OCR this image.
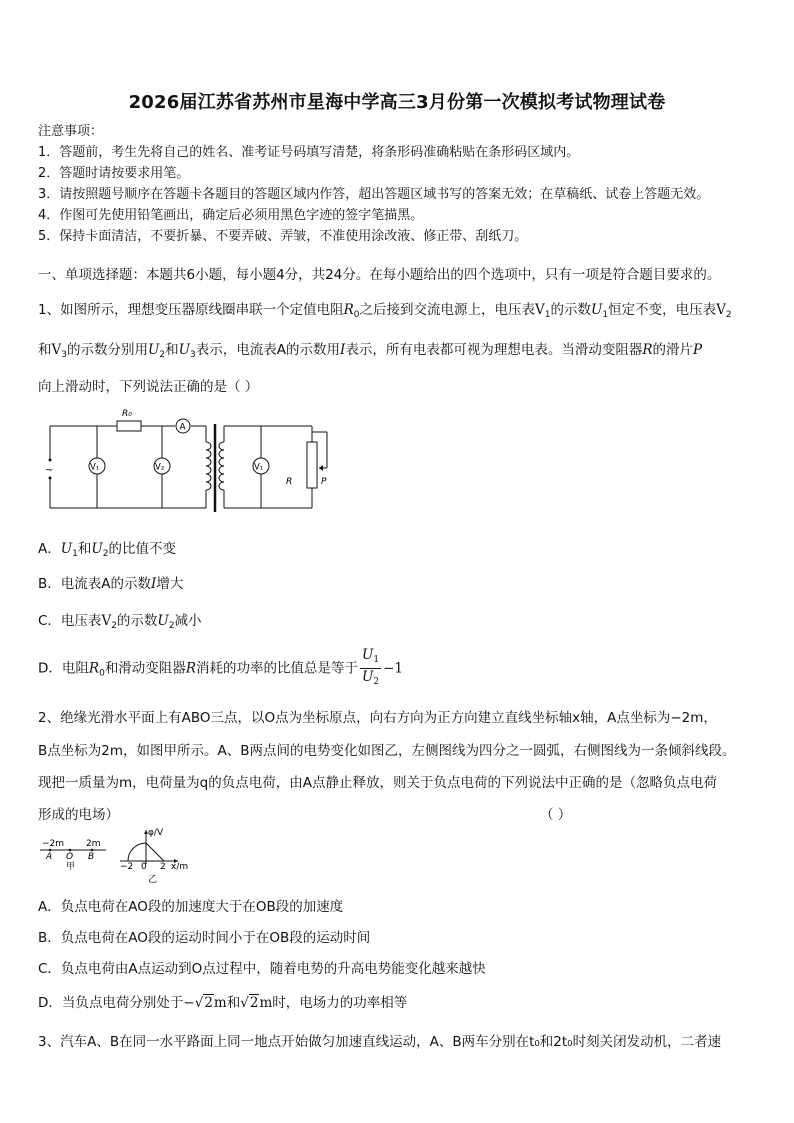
2026届江苏省苏州市星海中学高三3月份第一次模拟考试物理试卷
注意事项：
1．答题前，考生先将自己的姓名、准考证号码填写清楚，将条形码准确粘贴在条形码区域内。
2．答题时请按要求用笔。
3．请按照题号顺序在答题卡各题目的答题区域内作答，超出答题区域书写的答案无效；在草稿纸、试卷上答题无效。
4．作图可先使用铅笔画出，确定后必须用黑色字迹的签字笔描黑。
5．保持卡面清洁，不要折暴、不要弄破、弄皱，不准使用涂改液、修正带、刮纸刀。
一、单项选择题：本题共6小题，每小题4分，共24分。在每小题给出的四个选项中，只有一项是符合题目要求的。
1、如图所示，理想变压器原线圈串联一个定值电阻$R_0$之后接到交流电源上，电压表$V_1$的示数$U_1$恒定不变，电压表$V_2$
和$V_3$的示数分别用$U_2$和$U_3$表示，电流表A的示数用I表示，所有电表都可视为理想电表。当滑动变阻器R的滑片P
向上滑动时，下列说法正确的是（ ）
R₀
A
V₁	V₂	V₁
~
R	P
A．$U_1$和$U_2$的比值不变
B．电流表A的示数I增大
C．电压表$V_2$的示数$U_2$减小
D．电阻$R_0$和滑动变阻器R消耗的功率的比值总是等于 $\frac{U_1}{U_2} -1$
2、绝缘光滑水平面上有ABO三点，以O点为坐标原点，向右方向为正方向建立直线坐标轴x轴，A点坐标为−2m，
B点坐标为2m，如图甲所示。A、B两点间的电势变化如图乙，左侧图线为四分之一圆弧，右侧图线为一条倾斜线段。
现把一质量为m，电荷量为q的负点电荷，由A点静止释放，则关于负点电荷的下列说法中正确的是（忽略负点电荷
形成的电场）	（ ）
−2m 2m
A O B
甲
φ/V
x/m
−2 0 2
乙
A．负点电荷在AO段的加速度大于在OB段的加速度
B．负点电荷在AO段的运动时间小于在OB段的运动时间
C．负点电荷由A点运动到O点过程中，随着电势的升高电势能变化越来越快
D．当负点电荷分别处于−√2m和√2m时，电场力的功率相等
3、汽车A、B在同一水平路面上同一地点开始做匀加速直线运动，A、B两车分别在t₀和2t₀时刻关闭发动机，二者速
